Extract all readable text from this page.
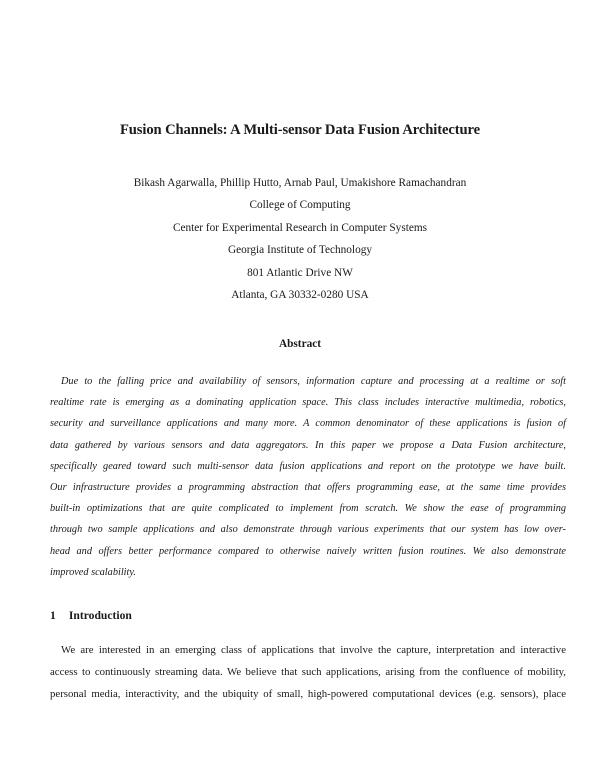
Fusion Channels: A Multi-sensor Data Fusion Architecture
Bikash Agarwalla, Phillip Hutto, Arnab Paul, Umakishore Ramachandran
College of Computing
Center for Experimental Research in Computer Systems
Georgia Institute of Technology
801 Atlantic Drive NW
Atlanta, GA 30332-0280 USA
Abstract
Due to the falling price and availability of sensors, information capture and processing at a realtime or soft
realtime rate is emerging as a dominating application space. This class includes interactive multimedia, robotics,
security and surveillance applications and many more. A common denominator of these applications is fusion of
data gathered by various sensors and data aggregators. In this paper we propose a Data Fusion architecture,
specifically geared toward such multi-sensor data fusion applications and report on the prototype we have built.
Our infrastructure provides a programming abstraction that offers programming ease, at the same time provides
built-in optimizations that are quite complicated to implement from scratch. We show the ease of programming
through two sample applications and also demonstrate through various experiments that our system has low over-
head and offers better performance compared to otherwise naively written fusion routines. We also demonstrate
improved scalability.
1 Introduction
We are interested in an emerging class of applications that involve the capture, interpretation and interactive
access to continuously streaming data. We believe that such applications, arising from the confluence of mobility,
personal media, interactivity, and the ubiquity of small, high-powered computational devices (e.g. sensors), place
